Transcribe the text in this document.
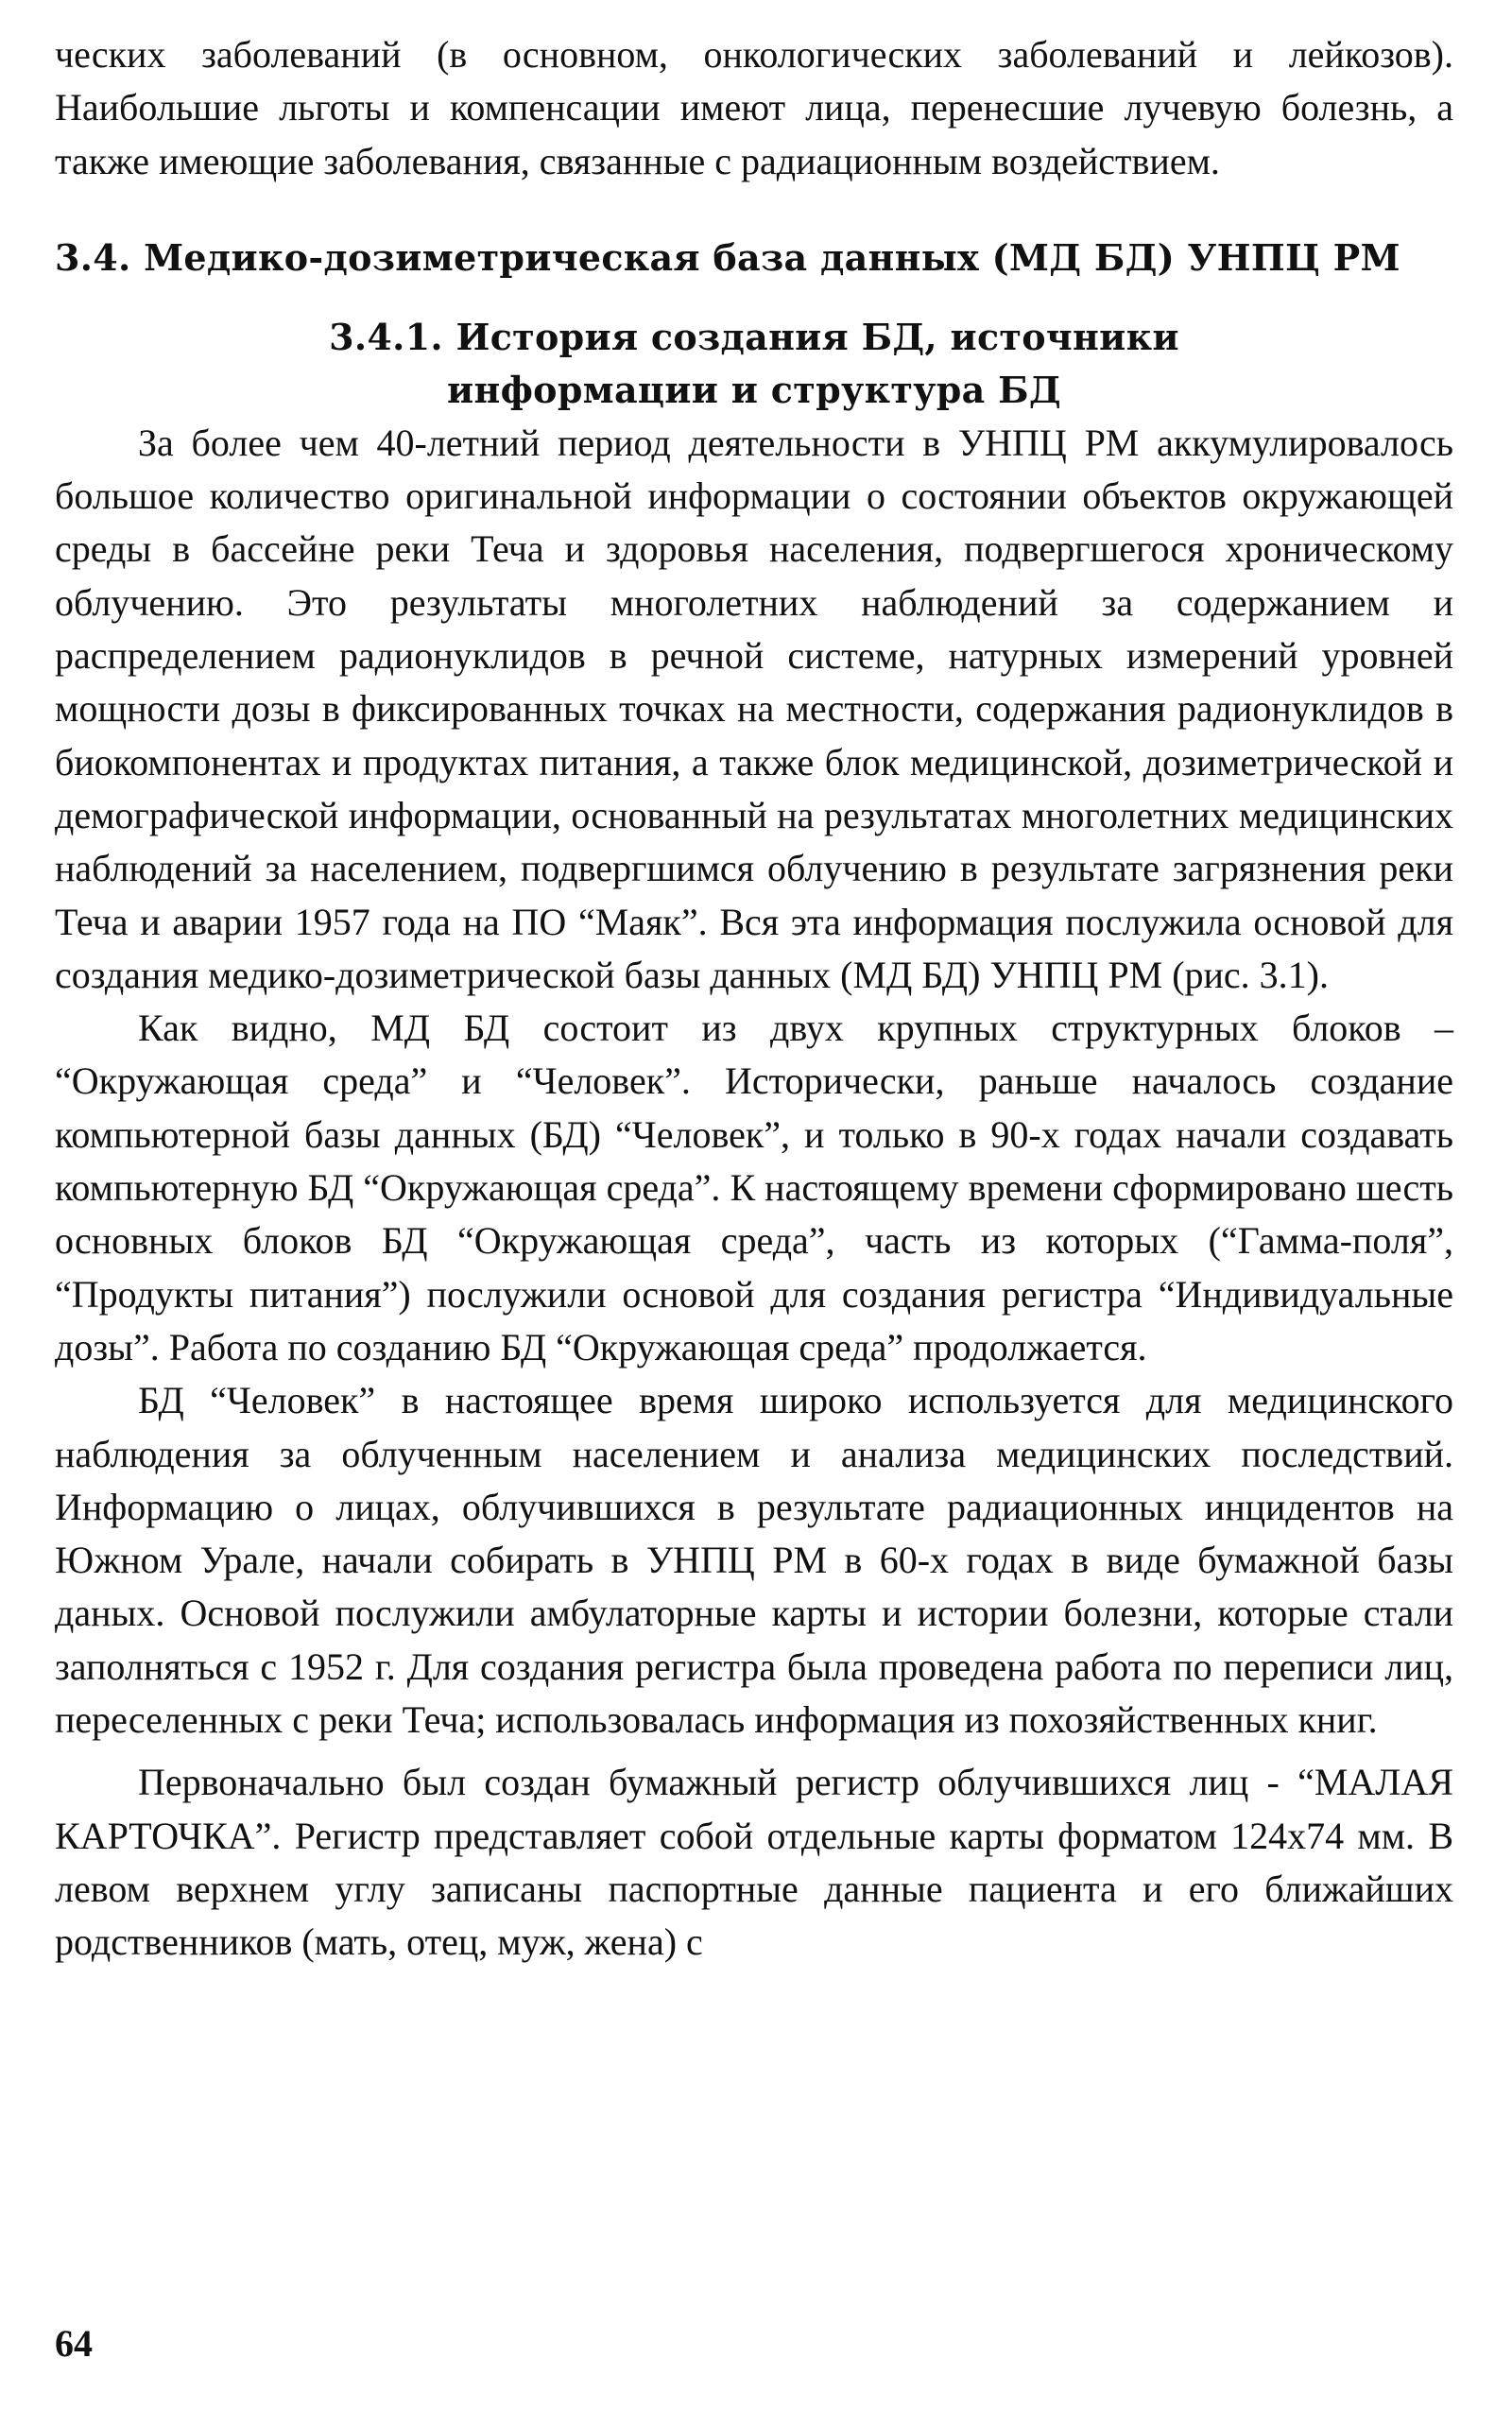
ческих заболеваний (в основном, онкологических заболеваний и лейкозов). Наибольшие льготы и компенсации имеют лица, перенесшие лучевую болезнь, а также имеющие заболевания, связанные с радиационным воздействием.

3.4. Медико-дозиметрическая база данных (МД БД) УНПЦ РМ
3.4.1. История создания БД, источники
информации и структура БД

За более чем 40-летний период деятельности в УНПЦ РМ аккумулировалось большое количество оригинальной информации о состоянии объектов окружающей среды в бассейне реки Теча и здоровья населения, подвергшегося хроническому облучению. Это результаты многолетних наблюдений за содержанием и распределением радионуклидов в речной системе, натурных измерений уровней мощности дозы в фиксированных точках на местности, содержания радионуклидов в биокомпонентах и продуктах питания, а также блок медицинской, дозиметрической и демографической информации, основанный на результатах многолетних медицинских наблюдений за населением, подвергшимся облучению в результате загрязнения реки Теча и аварии 1957 года на ПО “Маяк”. Вся эта информация послужила основой для создания медико-дозиметрической базы данных (МД БД) УНПЦ РМ (рис. 3.1).

Как видно, МД БД состоит из двух крупных структурных блоков – “Окружающая среда” и “Человек”. Исторически, раньше началось создание компьютерной базы данных (БД) “Человек”, и только в 90-х годах начали создавать компьютерную БД “Окружающая среда”. К настоящему времени сформировано шесть основных блоков БД “Окружающая среда”, часть из которых (“Гамма-поля”, “Продукты питания”) послужили основой для создания регистра “Индивидуальные дозы”. Работа по созданию БД “Окружающая среда” продолжается.

БД “Человек” в настоящее время широко используется для медицинского наблюдения за облученным населением и анализа медицинских последствий. Информацию о лицах, облучившихся в результате радиационных инцидентов на Южном Урале, начали собирать в УНПЦ РМ в 60-х годах в виде бумажной базы даных. Основой послужили амбулаторные карты и истории болезни, которые стали заполняться с 1952 г. Для создания регистра была проведена работа по переписи лиц, переселенных с реки Теча; использовалась информация из похозяйственных книг.

Первоначально был создан бумажный регистр облучившихся лиц - “МАЛАЯ КАРТОЧКА”. Регистр представляет собой отдельные карты форматом 124x74 мм. В левом верхнем углу записаны паспортные данные пациента и его ближайших родственников (мать, отец, муж, жена) с

64
